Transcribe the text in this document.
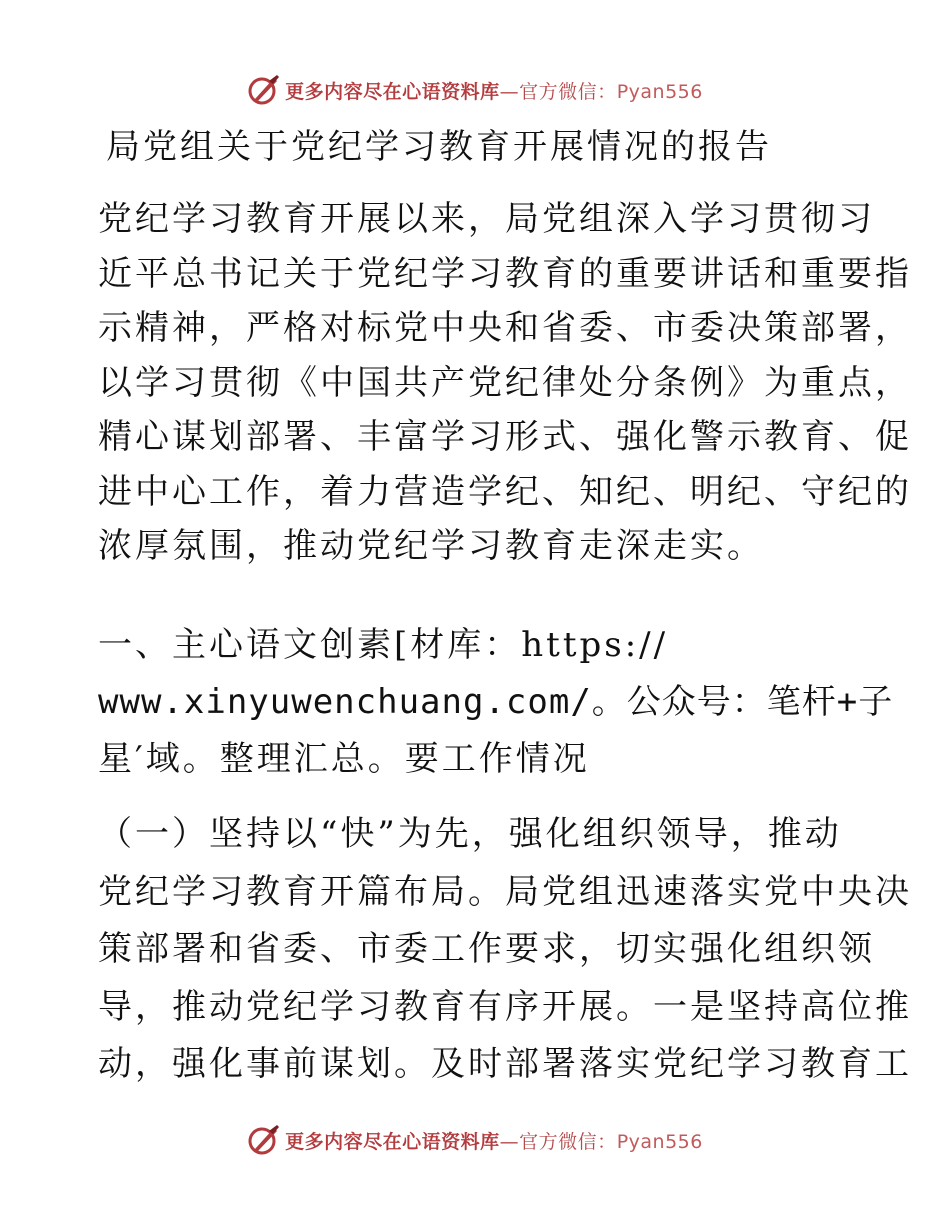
更多内容尽在心语资料库—官方微信：Pyan556
局党组关于党纪学习教育开展情况的报告
党纪学习教育开展以来，局党组深入学习贯彻习
近平总书记关于党纪学习教育的重要讲话和重要指
示精神，严格对标党中央和省委、市委决策部署，
以学习贯彻《中国共产党纪律处分条例》为重点，
精心谋划部署、丰富学习形式、强化警示教育、促
进中心工作，着力营造学纪、知纪、明纪、守纪的
浓厚氛围，推动党纪学习教育走深走实。
一、主心语文创素[材库：https://
www.xinyuwenchuang.com/。公众号：笔杆+子
星′域。整理汇总。要工作情况
（一）坚持以“快”为先，强化组织领导，推动
党纪学习教育开篇布局。局党组迅速落实党中央决
策部署和省委、市委工作要求，切实强化组织领
导，推动党纪学习教育有序开展。一是坚持高位推
动，强化事前谋划。及时部署落实党纪学习教育工
更多内容尽在心语资料库—官方微信：Pyan556
